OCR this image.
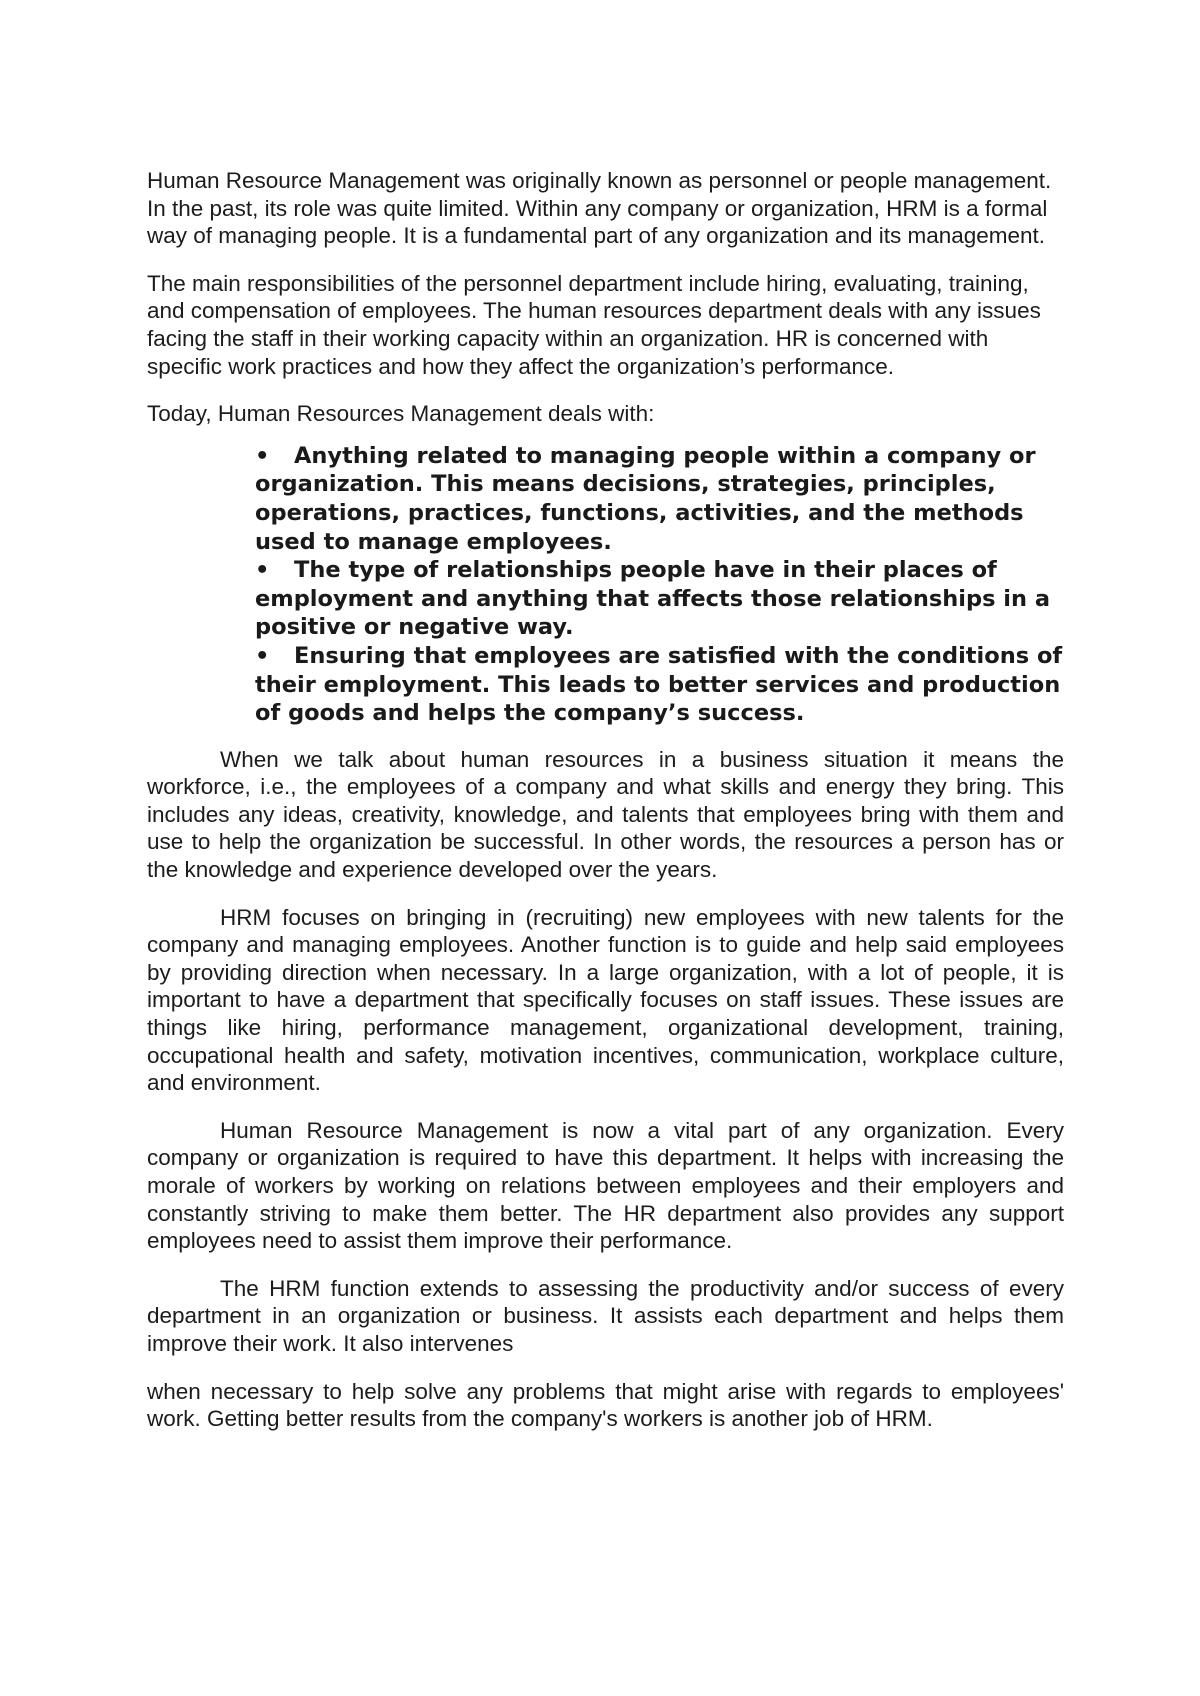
Human Resource Management was originally known as personnel or people management. In the past, its role was quite limited. Within any company or organization, HRM is a formal way of managing people. It is a fundamental part of any organization and its management.

The main responsibilities of the personnel department include hiring, evaluating, training, and compensation of employees. The human resources department deals with any issues facing the staff in their working capacity within an organization. HR is concerned with specific work practices and how they affect the organization’s performance.

Today, Human Resources Management deals with:

• Anything related to managing people within a company or organization. This means decisions, strategies, principles, operations, practices, functions, activities, and the methods used to manage employees.
• The type of relationships people have in their places of employment and anything that affects those relationships in a positive or negative way.
• Ensuring that employees are satisfied with the conditions of their employment. This leads to better services and production of goods and helps the company’s success.

When we talk about human resources in a business situation it means the workforce, i.e., the employees of a company and what skills and energy they bring. This includes any ideas, creativity, knowledge, and talents that employees bring with them and use to help the organization be successful. In other words, the resources a person has or the knowledge and experience developed over the years.

HRM focuses on bringing in (recruiting) new employees with new talents for the company and managing employees. Another function is to guide and help said employees by providing direction when necessary. In a large organization, with a lot of people, it is important to have a department that specifically focuses on staff issues. These issues are things like hiring, performance management, organizational development, training, occupational health and safety, motivation incentives, communication, workplace culture, and environment.

Human Resource Management is now a vital part of any organization. Every company or organization is required to have this department. It helps with increasing the morale of workers by working on relations between employees and their employers and constantly striving to make them better. The HR department also provides any support employees need to assist them improve their performance.

The HRM function extends to assessing the productivity and/or success of every department in an organization or business. It assists each department and helps them improve their work. It also intervenes

when necessary to help solve any problems that might arise with regards to employees' work. Getting better results from the company's workers is another job of HRM.
